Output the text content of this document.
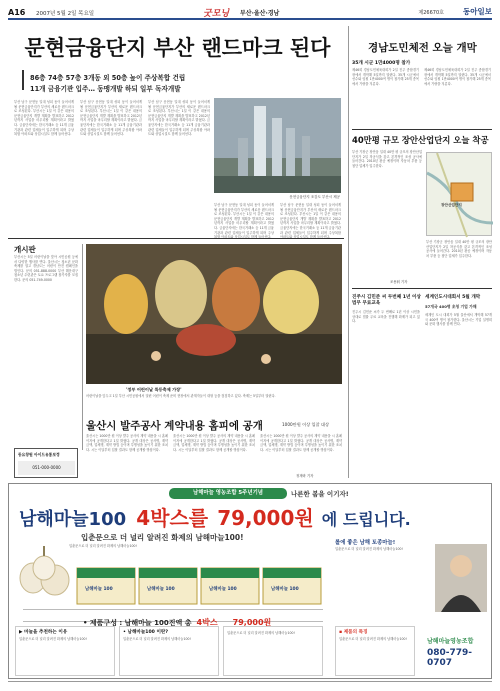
A16 2007년 5월 2일 목요일	굿모닝 부산·울산·경남	제26670호	동아일보
문현금융단지 부산 랜드마크 된다
86층 74층 57층 3개동 외 50층 높이 주상복합 건립
11개 금융기관 입주… 동맹개발 하되 일부 독자개발
문현금융단지 조감도 부산시 제공
부산 남구 문현동 일대 성되 동이 들어서게 될 문현금융단지가 부산의 새로운 랜드마크로 조성된다. 부산시는 1일 이 같은 내용의 문현금융단지 개발 계획을 발표하고 2012년까지 사업을 마무리할 계획이라고 밝혔다. 금융단지에는 한국거래소 등 11개 금융기관과 관련 업체들이 입주하게 되며 주상복합 아파트와 상업시설도 함께 들어선다.
부산 남구 문현동 일대 성되 동이 들어서게 될 문현금융단지가 부산의 새로운 랜드마크로 조성된다. 부산시는 1일 이 같은 내용의 문현금융단지 개발 계획을 발표하고 2012년까지 사업을 마무리할 계획이라고 밝혔다. 금융단지에는 한국거래소 등 11개 금융기관과 관련 업체들이 입주하게 되며 주상복합 아파트와 상업시설도 함께 들어선다.
부산 남구 문현동 일대 성되 동이 들어서게 될 문현금융단지가 부산의 새로운 랜드마크로 조성된다. 부산시는 1일 이 같은 내용의 문현금융단지 개발 계획을 발표하고 2012년까지 사업을 마무리할 계획이라고 밝혔다. 금융단지에는 한국거래소 등 11개 금융기관과 관련 업체들이 입주하게 되며 주상복합 아파트와 상업시설도 함께 들어선다.
부산 남구 문현동 일대 성되 동이 들어서게 될 문현금융단지가 부산의 새로운 랜드마크로 조성된다. 부산시는 1일 이 같은 내용의 문현금융단지 개발 계획을 발표하고 2012년까지 사업을 마무리할 계획이라고 밝혔다. 금융단지에는 한국거래소 등 11개 금융기관과 관련 업체들이 입주하게 되며 주상
부산 남구 문현동 일대 성되 동이 들어서게 될 문현금융단지가 부산의 새로운 랜드마크로 조성된다. 부산시는 1일 이 같은 내용의 문현금융단지 개발 계획을 발표하고 2012년까지 사업을 마무리할 계획이라고 밝혔다. 금융단지에는 한국거래소 등 11개 금융기관과 관련 업체들이 입주하게 되며 주상복합
개시판
부산시는 5일 어린이날을 맞아 시민공원 등에서 다양한 행사를 연다. 울산시는 청소년 문화 축제를 열고 경남도는 어린이 안전 캠페인을 벌인다. 문의 051-888-0000 부산 해운대구 청소년 수련관은 토요 프로그램 참가자를 모집한다. 문의 051-749-0000
'정부 어린이날 특등축제 가장'
어린이날을 앞두고 1일 부산 시민공원에서 열린 어린이 축제 준비 현장에서 관계자들이 대형 등을 점검하고 있다. 축제는 5일부터 열린다.
울산시 발주공사 계약내용 홈피에 공개	1000만원 이상 입찰 대상
울산시는 1000만 원 이상 발주 공사의 계약 내용을 시 홈페이지에 공개한다고 1일 밝혔다. 공개 대상은 공사명, 계약 금액, 업체명, 계약 방법 등이며 투명성을 높이기 위한 조치다. 시는 이달부터 입찰 결과도 함께 공개할 방침이다.
울산시는 1000만 원 이상 발주 공사의 계약 내용을 시 홈페이지에 공개한다고 1일 밝혔다. 공개 대상은 공사명, 계약 금액, 업체명, 계약 방법 등이며 투명성을 높이기 위한 조치다. 시는 이달부터 입찰 결과도 함께 공개할 방침이다.
울산시는 1000만 원 이상 발주 공사의 계약 내용을 시 홈페이지에 공개한다고 1일 밝혔다. 공개 대상은 공사명, 계약 금액, 업체명, 계약 방법 등이며 투명성을 높이기 위한 조치다. 시는 이달부터 입찰 결과도 함께 공개할 방침이다.
정재락 기자
동요창원 아이드유통보정
051-000-0000
경남도민체전 오늘 개막
35개 시군 1만4000명 참가
제46회 경남도민체육대회가 2일 진주 종합경기장에서 개막해 5일까지 열린다. 35개 시군에서 선수와 임원 1만4000여 명이 참가해 25개 종목에서 기량을 겨룬다.
제46회 경남도민체육대회가 2일 진주 종합경기장에서 개막해 5일까지 열린다. 35개 시군에서 선수와 임원 1만4000여 명이 참가해 25개 종목에서 기량을 겨룬다.
40만평 규모 장안산업단지 오늘 착공
부산 기장군 장안읍 일대 40만 평 규모의 장안산업단지가 2일 착공식을 갖고 본격적인 조성 공사에 들어간다. 2010년 완공 예정이며 자동차 부품 등 첨단 업체가 입주한다.
장안산업단지
부산 기장군 장안읍 일대 40만 평 규모의 장안산업단지가 2일 착공식을 갖고 본격적인 조성 공사에 들어간다. 2010년 완공 예정이며 자동차 부품 등 첨단 업체가 입주한다.
조용휘 기자
진주시 김민준 씨 두번째 1년 이상 법무 무료교육
진주시 김민준 씨가 두 번째로 1년 이상 시민을 상대로 법률 무료 교육을 진행해 화제가 되고 있다.
세계인도시대회서 5월 개막
57개국 400명 초청 기업 가해
세계인 도시 대회가 5월 울산에서 개막해 57개국 400여 명이 참가한다. 울산시는 기업 설명회와 문화 행사를 함께 연다.
남해마늘 영농조합 5주년기념	나른한 봄을 이기자!
남해마늘100 4박스를 79,000원 에 드립니다.
입춘문으로 더 널리 알려진 화제의 남해마늘100!
입춘문으로 더 널리 알려진 화제의 남해마늘100!
남해마늘 100	남해마늘 100	남해마늘 100	남해마늘 100
• 제품구성 : 남해마늘 100진액 총 4박스 79,000원
▶ 마늘을 추천하는 이유
입춘문으로 더 널리 알려진 화제의 남해마늘100!
• 남해마늘100 이란?
입춘문으로 더 널리 알려진 화제의 남해마늘100!
입춘문으로 더 널리 알려진 화제의 남해마늘100!
롤에 좋은 남해 토종마늘!
입춘문으로 더 널리 알려진 화제의 남해마늘100!
▪ 제품의 특징
입춘문으로 더 널리 알려진 화제의 남해마늘100!	남해마늘영농조합
080-779-0707
